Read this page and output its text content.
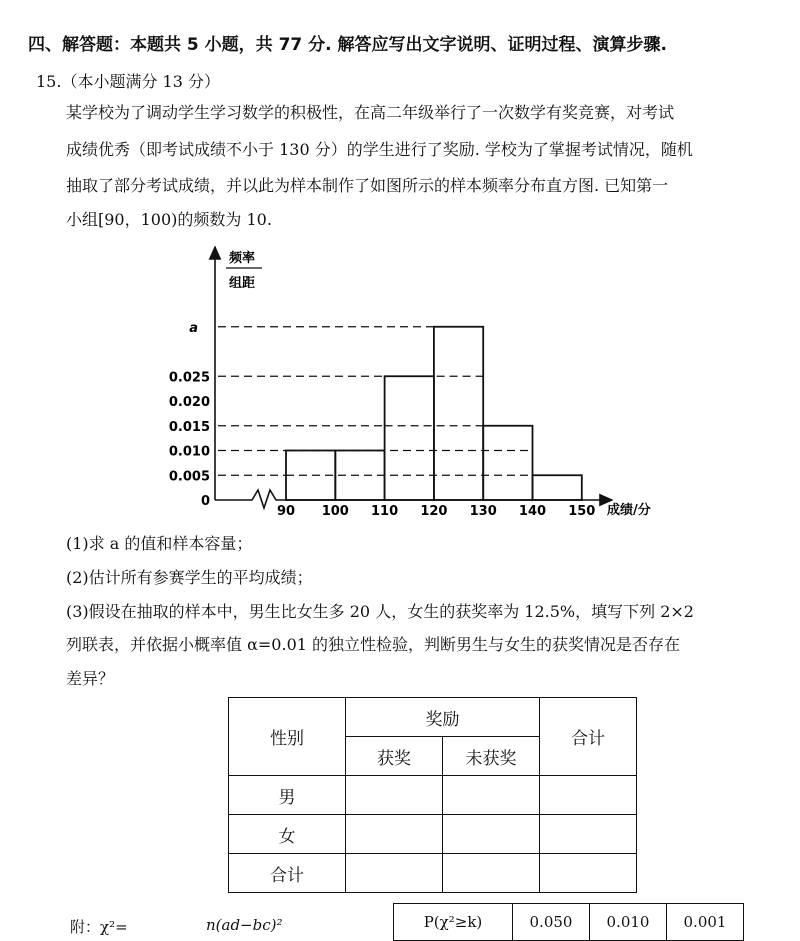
四、解答题：本题共 5 小题，共 77 分. 解答应写出文字说明、证明过程、演算步骤.
15.（本小题满分 13 分）
某学校为了调动学生学习数学的积极性，在高二年级举行了一次数学有奖竞赛，对考试
成绩优秀（即考试成绩不小于 130 分）的学生进行了奖励. 学校为了掌握考试情况，随机
抽取了部分考试成绩，并以此为样本制作了如图所示的样本频率分布直方图. 已知第一
小组[90，100)的频数为 10.
频率
组距
成绩/分
0
0.005
0.010
0.015
0.020
0.025
a
90 100 110 120 130 140 150
(1)求 a 的值和样本容量；
(2)估计所有参赛学生的平均成绩；
(3)假设在抽取的样本中，男生比女生多 20 人，女生的获奖率为 12.5%，填写下列 2×2
列联表，并依据小概率值 α=0.01 的独立性检验，判断男生与女生的获奖情况是否存在
差异？
性别	奖励		合计
	获奖	未获奖	
男			
女			
合计			
附：χ²=	n(ad−bc)²	P(χ²≥k)	0.050	0.010	0.001
